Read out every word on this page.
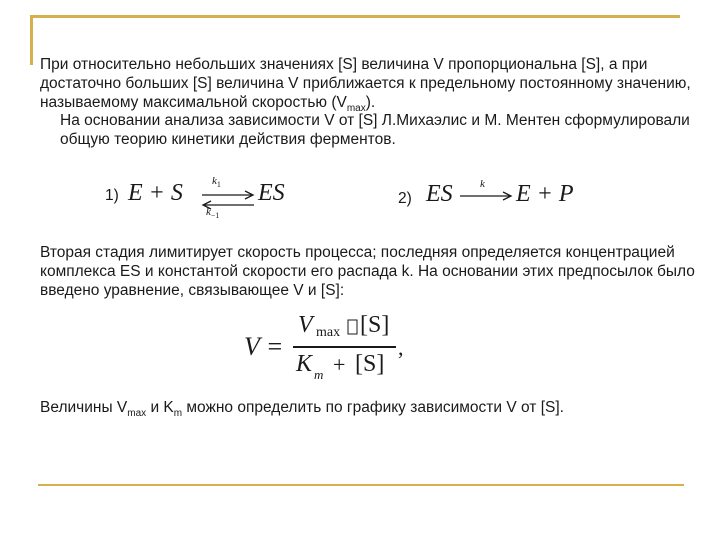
При относительно небольших значениях [S] величина V пропорциональна [S], а при достаточно больших [S] величина V приближается к предельному постоянному значению, называемому максимальной скоростью $(V_{max})$.
На основании анализа зависимости V от [S] Л.Михаэлис и М. Ментен сформулировали общую теорию кинетики действия ферментов.
1) E + S ⇌
$k_1$
$k_{-1}$
ES	2) ES k E + P
Вторая стадия лимитирует скорость процесса; последняя определяется концентрацией комплекса ES и константой скорости его распада k. На основании этих предпосылок было введено уравнение, связывающее V и [S]:
V =
V max [S]
K m + [S]
,
Величины $V_{max}$ и $K_m$ можно определить по графику зависимости V от [S].
